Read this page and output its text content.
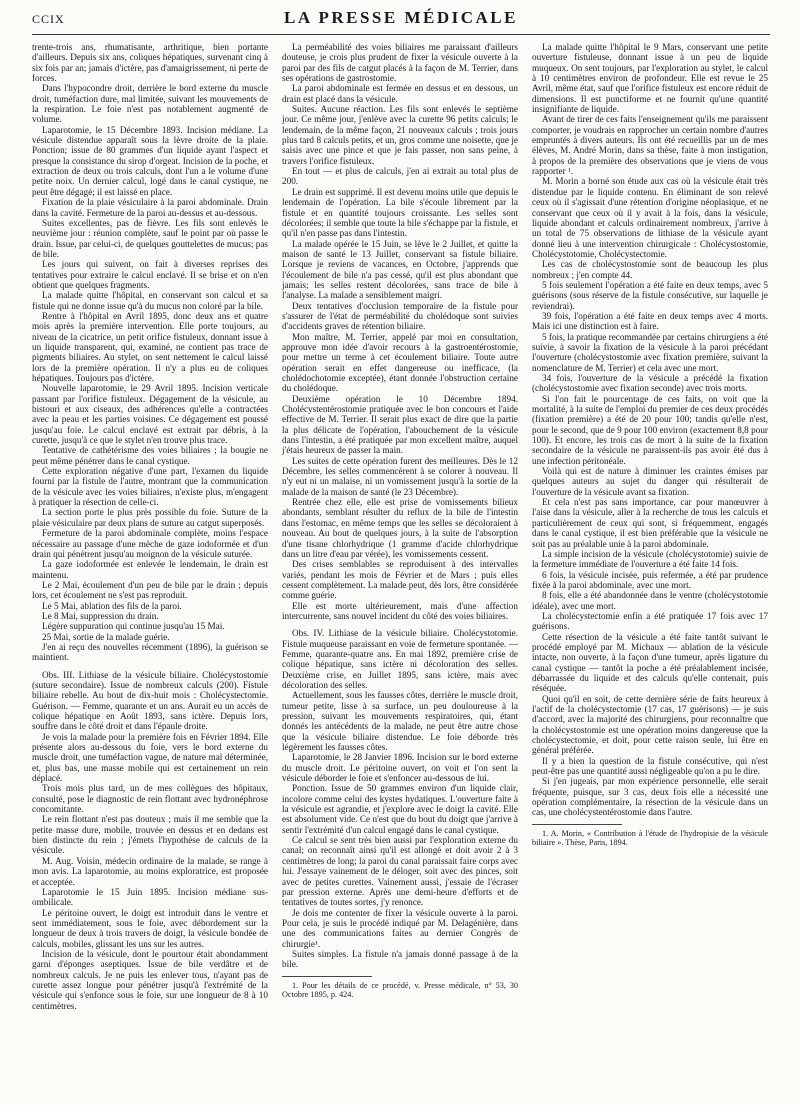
CCIX	LA PRESSE MÉDICALE

trente-trois ans, rhumatisante, arthritique, bien portante d'ailleurs. Depuis six ans, coliques hépatiques, survenant cinq à six fois par an; jamais d'ictère, pas d'amaigrissement, ni perte de forces.

Dans l'hypocondre droit, derrière le bord externe du muscle droit, tuméfaction dure, mal limitée, suivant les mouvements de la respiration. Le foie n'est pas notablement augmenté de volume.

Laparotomie, le 15 Décembre 1893. Incision médiane. La vésicule distendue apparaît sous la lèvre droite de la plaie. Ponction; issue de 80 grammes d'un liquide ayant l'aspect et presque la consistance du sirop d'orgeat. Incision de la poche, et extraction de deux ou trois calculs, dont l'un a le volume d'une petite noix. Un dernier calcul, logé dans le canal cystique, ne peut être dégagé; il est laissé en place.

Fixation de la plaie vésiculaire à la paroi abdominale. Drain dans la cavité. Fermeture de la paroi au-dessus et au-dessous.

Suites excellentes, pas de fièvre. Les fils sont enlevés le neuvième jour : réunion complète, sauf le point par où passe le drain. Issue, par celui-ci, de quelques gouttelettes de mucus; pas de bile.

Les jours qui suivent, on fait à diverses reprises des tentatives pour extraire le calcul enclavé. Il se brise et on n'en obtient que quelques fragments.

La malade quitte l'hôpital, en conservant son calcul et sa fistule qui ne donne issue qu'à du mucus non coloré par la bile.

Rentre à l'hôpital en Avril 1895, donc deux ans et quatre mois après la première intervention. Elle porte toujours, au niveau de la cicatrice, un petit orifice fistuleux, donnant issue à un liquide transparent, qui, examiné, ne contient pas trace de pigments biliaires. Au stylet, on sent nettement le calcul laissé lors de la première opération. Il n'y a plus eu de coliques hépatiques. Toujours pas d'ictère.

Nouvelle laparotomie, le 29 Avril 1895. Incision verticale passant par l'orifice fistuleux. Dégagement de la vésicule, au bistouri et aux ciseaux, des adhérences qu'elle a contractées avec la peau et les parties voisines. Ce dégagement est poussé jusqu'au foie. Le calcul enclavé est extrait par débris, à la curette, jusqu'à ce que le stylet n'en trouve plus trace.

Tentative de cathétérisme des voies biliaires ; la bougie ne peut même pénétrer dans le canal cystique.

Cette exploration négative d'une part, l'examen du liquide fourni par la fistule de l'autre, montrant que la communication de la vésicule avec les voies biliaires, n'existe plus, m'engagent à pratiquer la résection de celle-ci.

La section porte le plus près possible du foie. Suture de la plaie vésiculaire par deux plans de suture au catgut superposés.

Fermeture de la paroi abdominale complète, moins l'espace nécessaire au passage d'une mèche de gaze iodoformée et d'un drain qui pénètrent jusqu'au moignon de la vésicule suturée.

La gaze iodoformée est enlevée le lendemain, le drain est maintenu.

Le 2 Mai, écoulement d'un peu de bile par le drain ; depuis lors, cet écoulement ne s'est pas reproduit.

Le 5 Mai, ablation des fils de la paroi.

Le 8 Mai, suppression du drain.

Légère suppuration qui continue jusqu'au 15 Mai.

25 Mai, sortie de la malade guérie.

J'en ai reçu des nouvelles récemment (1896), la guérison se maintient.

Obs. III. Lithiase de la vésicule biliaire. Cholécystostomie (suture secondaire). Issue de nombreux calculs (200). Fistule biliaire rebelle. Au bout de dix-huit mois : Cholécystectomie. Guérison. — Femme, quarante et un ans. Aurait eu un accès de colique hépatique en Août 1893, sans ictère. Depuis lors, souffre dans le côté droit et dans l'épaule droite.

Je vois la malade pour la première fois en Février 1894. Elle présente alors au-dessous du foie, vers le bord externe du muscle droit, une tuméfaction vague, de nature mal déterminée, et, plus bas, une masse mobile qui est certainement un rein déplacé.

Trois mois plus tard, un de mes collègues des hôpitaux, consulté, pose le diagnostic de rein flottant avec hydronéphrose concomitante.

Le rein flottant n'est pas douteux ; mais il me semble que la petite masse dure, mobile, trouvée en dessus et en dedans est bien distincte du rein ; j'émets l'hypothèse de calculs de la vésicule.

M. Aug. Voisin, médecin ordinaire de la malade, se range à mon avis. La laparotomie, au moins exploratrice, est proposée et acceptée.

Laparotomie le 15 Juin 1895. Incision médiane sus-ombilicale.

Le péritoine ouvert, le doigt est introduit dans le ventre et sent immédiatement, sous le foie, avec débordement sur la longueur de deux à trois travers de doigt, la vésicule bondée de calculs, mobiles, glissant les uns sur les autres.

Incision de la vésicule, dont le pourtour était abondamment garni d'éponges aseptiques. Issue de bile verdâtre et de nombreux calculs. Je ne puis les enlever tous, n'ayant pas de curette assez longue pour pénétrer jusqu'à l'extrémité de la vésicule qui s'enfonce sous le foie, sur une longueur de 8 à 10 centimètres.

La perméabilité des voies biliaires me paraissant d'ailleurs douteuse, je crois plus prudent de fixer la vésicule ouverte à la paroi par des fils de catgut placés à la façon de M. Terrier, dans ses opérations de gastrostomie.

La paroi abdominale est fermée en dessus et en dessous, un drain est placé dans la vésicule.

Suites. Aucune réaction. Les fils sont enlevés le septième jour. Ce même jour, j'enlève avec la curette 96 petits calculs; le lendemain, de la même façon, 21 nouveaux calculs ; trois jours plus tard 8 calculs petits, et un, gros comme une noisette, que je saisis avec une pince et que je fais passer, non sans peine, à travers l'orifice fistuleux.

En tout — et plus de calculs, j'en ai extrait au total plus de 200.

Le drain est supprimé. Il est devenu moins utile que depuis le lendemain de l'opération. La bile s'écoule librement par la fistule et en quantité toujours croissante. Les selles sont décolorées; il semble que toute la bile s'échappe par la fistule, et qu'il n'en passe pas dans l'intestin.

La malade opérée le 15 Juin, se lève le 2 Juillet, et quitte la maison de santé le 13 Juillet, conservant sa fistule biliaire. Lorsque je reviens de vacances, en Octobre, j'apprends que l'écoulement de bile n'a pas cessé, qu'il est plus abondant que jamais; les selles restent décolorées, sans trace de bile à l'analyse. La malade a sensiblement maigri.

Deux tentatives d'occlusion temporaire de la fistule pour s'assurer de l'état de perméabilité du cholédoque sont suivies d'accidents graves de rétention biliaire.

Mon maître, M. Terrier, appelé par moi en consultation, approuve mon idée d'avoir recours à la gastroentérostomie, pour mettre un terme à cet écoulement biliaire. Toute autre opération serait en effet dangereuse ou inefficace, (la cholédochotomie exceptée), étant donnée l'obstruction certaine du cholédoque.

Deuxième opération le 10 Décembre 1894. Cholécystentérostomie pratiquée avec le bon concours et l'aide effective de M. Terrier. Il serait plus exact de dire que la partie la plus délicate de l'opération, l'abouchement de la vésicule dans l'intestin, a été pratiquée par mon excellent maître, auquel j'étais heureux de passer la main.

Les suites de cette opération furent des meilleures. Dès le 12 Décembre, les selles commencèrent à se colorer à nouveau. Il n'y eut ni un malaise, ni un vomissement jusqu'à la sortie de la malade de la maison de santé (le 23 Décembre).

Rentrée chez elle, elle est prise de vomissements bilieux abondants, semblant résulter du reflux de la bile de l'intestin dans l'estomac, en même temps que les selles se décoloraient à nouveau. Au bout de quelques jours, à la suite de l'absorption d'une tisane chlorhydrique (1 gramme d'acide chlorhydrique dans un litre d'eau par vérée), les vomissements cessent.

Des crises semblables se reproduisent à des intervalles variés, pendant les mois de Février et de Mars ; puis elles cessent complètement. La malade peut, dès lors, être considérée comme guérie.

Elle est morte ultérieurement, mais d'une affection intercurrente, sans nouvel incident du côté des voies biliaires.

Obs. IV. Lithiase de la vésicule biliaire. Cholécystotomie. Fistule muqueuse paraissant en voie de fermeture spontanée. — Femme, quarante-quatre ans. En mai 1892, première crise de colique hépatique, sans ictère ni décoloration des selles. Deuxième crise, en Juillet 1895, sans ictère, mais avec décoloration des selles.

Actuellement, sous les fausses côtes, derrière le muscle droit, tumeur petite, lisse à sa surface, un peu douloureuse à la pression, suivant les mouvements respiratoires, qui, étant donnés les antécédents de la malade, ne peut être autre chose que la vésicule biliaire distendue. Le foie déborde très légèrement les fausses côtes.

Laparotomie, le 28 Janvier 1896. Incision sur le bord externe du muscle droit. Le péritoine ouvert, on voit et l'on sent la vésicule déborder le foie et s'enfoncer au-dessous de lui.

Ponction. Issue de 50 grammes environ d'un liquide clair, incolore comme celui des kystes hydatiques. L'ouverture faite à la vésicule est agrandie, et j'explore avec le doigt la cavité. Elle est absolument vide. Ce n'est que du bout du doigt que j'arrive à sentir l'extrémité d'un calcul engagé dans le canal cystique.

Ce calcul se sent très bien aussi par l'exploration externe du canal; on reconnaît ainsi qu'il est allongé et doit avoir 2 à 3 centimètres de long; la paroi du canal paraissait faire corps avec lui. J'essaye vainement de le déloger, soit avec des pinces, soit avec de petites curettes. Vainement aussi, j'essaie de l'écraser par pression externe. Après une demi-heure d'efforts et de tentatives de toutes sortes, j'y renonce.

Je dois me contenter de fixer la vésicule ouverte à la paroi. Pour cela, je suis le procédé indiqué par M. Delagénière, dans une des communications faites au dernier Congrès de chirurgie¹.

Suites simples. La fistule n'a jamais donné passage à de la bile.

1. Pour les détails de ce procédé, v. Presse médicale, n° 53, 30 Octobre 1895, p. 424.

La malade quitte l'hôpital le 9 Mars, conservant une petite ouverture fistuleuse, donnant issue à un peu de liquide muqueux. On sent toujours, par l'exploration au stylet, le calcul à 10 centimètres environ de profondeur. Elle est revue le 25 Avril, même état, sauf que l'orifice fistuleux est encore réduit de dimensions. Il est punctiforme et ne fournit qu'une quantité insignifiante de liquide.

Avant de tirer de ces faits l'enseignement qu'ils me paraissent comporter, je voudrais en rapprocher un certain nombre d'autres empruntés à divers auteurs. Ils ont été recueillis par un de mes élèves, M. André Morin, dans sa thèse, faite à mon instigation, à propos de la première des observations que je viens de vous rapporter ¹.

M. Morin a borné son étude aux cas où la vésicule était très distendue par le liquide contenu. En éliminant de son relevé ceux où il s'agissait d'une rétention d'origine néoplasique, et ne conservant que ceux où il y avait à la fois, dans la vésicule, liquide abondant et calculs ordinairement nombreux, j'arrive à un total de 75 observations de lithiase de la vésicule ayant donné lieu à une intervention chirurgicale : Cholécystostomie, Cholécystotomie, Cholécystectomie.

Les cas de cholécystostomie sont de beaucoup les plus nombreux ; j'en compte 44.

5 fois seulement l'opération a été faite en deux temps, avec 5 guérisons (sous réserve de la fistule consécutive, sur laquelle je reviendrai).

39 fois, l'opération a été faite en deux temps avec 4 morts. Mais ici une distinction est à faire.

5 fois, la pratique recommandée par certains chirurgiens a été suivie, à savoir la fixation de la vésicule à la paroi précédant l'ouverture (cholécystostomie avec fixation première, suivant la nomenclature de M. Terrier) et cela avec une mort.

34 fois, l'ouverture de la vésicule a précédé la fixation (cholécystostomie avec fixation seconde) avec trois morts.

Si l'on fait le pourcentage de ces faits, on voit que la mortalité, à la suite de l'emploi du premier de ces deux procédés (fixation première) a été de 20 pour 100; tandis qu'elle n'est, pour le second, que de 9 pour 100 environ (exactement 8,8 pour 100). Et encore, les trois cas de mort à la suite de la fixation secondaire de la vésicule ne paraissent-ils pas avoir été dus à une infection péritonéale.

Voilà qui est de nature à diminuer les craintes émises par quelques auteurs au sujet du danger qui résulterait de l'ouverture de la vésicule avant sa fixation.

Et cela n'est pas sans importance, car pour manœuvrer à l'aise dans la vésicule, aller à la recherche de tous les calculs et particulièrement de ceux qui sont, si fréquemment, engagés dans le canal cystique, il est bien préférable que la vésicule ne soit pas au préalable unie à la paroi abdominale.

La simple incision de la vésicule (cholécystotomie) suivie de la fermeture immédiate de l'ouverture a été faite 14 fois.

6 fois, la vésicule incisée, puis refermée, a été par prudence fixée à la paroi abdominale, avec une mort.

8 fois, elle a été abandonnée dans le ventre (cholécystotomie idéale), avec une mort.

La cholécystectomie enfin a été pratiquée 17 fois avec 17 guérisons.

Cette résection de la vésicule a été faite tantôt suivant le procédé employé par M. Michaux — ablation de la vésicule intacte, non ouverte, à la façon d'une tumeur, après ligature du canal cystique — tantôt la poche a été préalablement incisée, débarrassée du liquide et des calculs qu'elle contenait, puis réséquée.

Quoi qu'il en soit, de cette dernière série de faits heureux à l'actif de la cholécystectomie (17 cas, 17 guérisons) — je suis d'accord, avec la majorité des chirurgiens, pour reconnaître que la cholécystostomie est une opération moins dangereuse que la cholécystectomie, et doit, pour cette raison seule, lui être en général préférée.

Il y a bien la question de la fistule consécutive, qui n'est peut-être pas une quantité aussi négligeable qu'on a pu le dire.

Si j'en jugeais, par mon expérience personnelle, elle serait fréquente, puisque, sur 3 cas, deux fois elle a nécessité une opération complémentaire, la résection de la vésicule dans un cas, une cholécystentérostomie dans l'autre.

1. A. Morin, « Contribution à l'étude de l'hydropisie de la vésicule biliaire ». Thèse, Paris, 1894.
